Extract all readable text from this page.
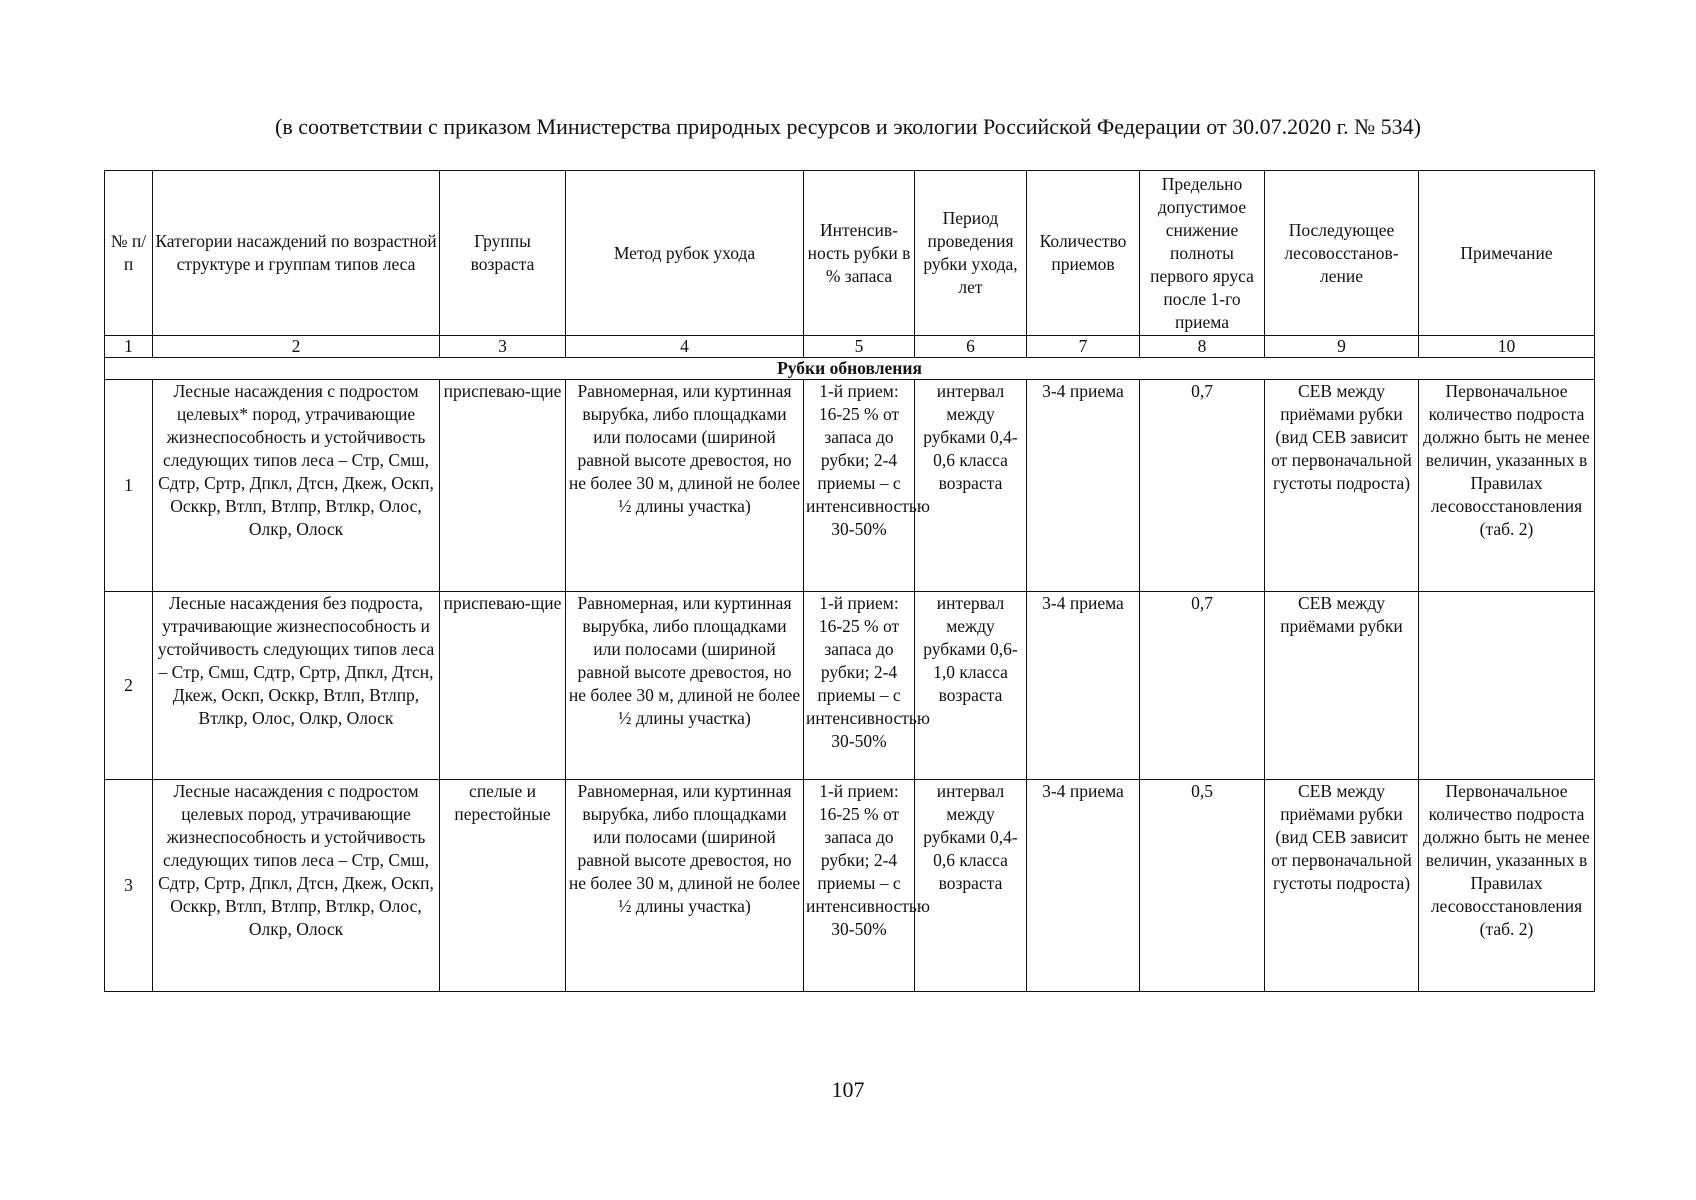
(в соответствии с приказом Министерства природных ресурсов и экологии Российской Федерации от 30.07.2020 г. № 534)
№ п/п	Категории насаждений по возрастной структуре и группам типов леса	Группы возраста	Метод рубок ухода	Интенсив-ность рубки в % запаса	Период проведения рубки ухода, лет	Количество приемов	Предельно допустимое снижение полноты первого яруса после 1-го приема	Последующее лесовосстанов-ление	Примечание
1	2	3	4	5	6	7	8	9	10
Рубки обновления									
1	Лесные насаждения с подростом целевых* пород, утрачивающие жизнеспособность и устойчивость следующих типов леса – Стр, Смш, Сдтр, Сртр, Дпкл, Дтсн, Дкеж, Оскп, Осккр, Втлп, Втлпр, Втлкр, Олос, Олкр, Олоск	приспеваю-щие	Равномерная, или куртинная вырубка, либо площадками или полосами (шириной равной высоте древостоя, но не более 30 м, длиной не более ½ длины участка)	1-й прием: 16-25 % от запаса до рубки; 2-4 приемы – с интенсивностью 30-50%	интервал между рубками 0,4-0,6 класса возраста	3-4 приема	0,7	СЕВ между приёмами рубки (вид СЕВ зависит от первоначальной густоты подроста)	Первоначальное количество подроста должно быть не менее величин, указанных в Правилах лесовосстановления (таб. 2)
2	Лесные насаждения без подроста, утрачивающие жизнеспособность и устойчивость следующих типов леса – Стр, Смш, Сдтр, Сртр, Дпкл, Дтсн, Дкеж, Оскп, Осккр, Втлп, Втлпр, Втлкр, Олос, Олкр, Олоск	приспеваю-щие	Равномерная, или куртинная вырубка, либо площадками или полосами (шириной равной высоте древостоя, но не более 30 м, длиной не более ½ длины участка)	1-й прием: 16-25 % от запаса до рубки; 2-4 приемы – с интенсивностью 30-50%	интервал между рубками 0,6-1,0 класса возраста	3-4 приема	0,7	СЕВ между приёмами рубки	
3	Лесные насаждения с подростом целевых пород, утрачивающие жизнеспособность и устойчивость следующих типов леса – Стр, Смш, Сдтр, Сртр, Дпкл, Дтсн, Дкеж, Оскп, Осккр, Втлп, Втлпр, Втлкр, Олос, Олкр, Олоск	спелые и перестойные	Равномерная, или куртинная вырубка, либо площадками или полосами (шириной равной высоте древостоя, но не более 30 м, длиной не более ½ длины участка)	1-й прием: 16-25 % от запаса до рубки; 2-4 приемы – с интенсивностью 30-50%	интервал между рубками 0,4-0,6 класса возраста	3-4 приема	0,5	СЕВ между приёмами рубки (вид СЕВ зависит от первоначальной густоты подроста)	Первоначальное количество подроста должно быть не менее величин, указанных в Правилах лесовосстановления (таб. 2)
107
